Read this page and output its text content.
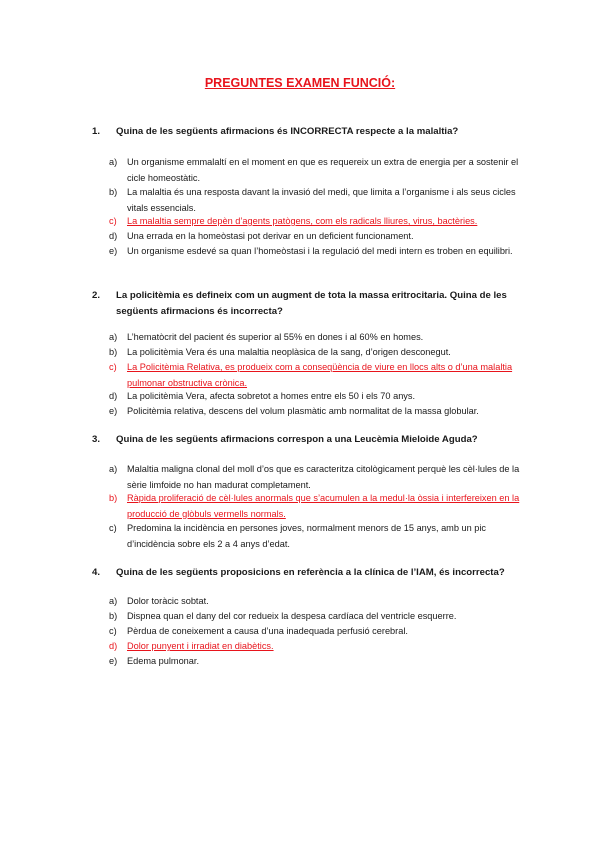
PREGUNTES EXAMEN FUNCIÓ:
1.	Quina de les següents afirmacions és INCORRECTA respecte a la malaltia?
a)	Un organisme emmalaltí en el moment en que es requereix un extra de energia per a sostenir el cicle homeostàtic.
b)	La malaltia és una resposta davant la invasió del medi, que limita a l’organisme i als seus cicles vitals essencials.
c)	La malaltia sempre depèn d’agents patògens, com els radicals lliures, virus, bactèries.
d)	Una errada en la homeòstasi pot derivar en un deficient funcionament.
e)	Un organisme esdevé sa quan l’homeòstasi i la regulació del medi intern es troben en equilibri.
2.	La policitèmia es defineix com un augment de tota la massa eritrocitaria. Quina de les següents afirmacions és incorrecta?
a)	L’hematòcrit del pacient és superior al 55% en dones i al 60% en homes.
b)	La policitèmia Vera és una malaltia neoplàsica de la sang, d’origen desconegut.
c)	La Policitèmia Relativa, es produeix com a conseqüència de viure en llocs alts o d’una malaltia pulmonar obstructiva crònica.
d)	La policitèmia Vera, afecta sobretot a homes entre els 50 i els 70 anys.
e)	Policitèmia relativa, descens del volum plasmàtic amb normalitat de la massa globular.
3.	Quina de les següents afirmacions correspon a una Leucèmia Mieloide Aguda?
a)	Malaltia maligna clonal del moll d’os que es caracteritza citològicament perquè les cèl·lules de la sèrie limfoide no han madurat completament.
b)	Ràpida proliferació de cèl·lules anormals que s’acumulen a la medul·la òssia i interfereixen en la producció de glòbuls vermells normals.
c)	Predomina la incidència en persones joves, normalment menors de 15 anys, amb un pic d’incidència sobre els 2 a 4 anys d’edat.
4.	Quina de les següents proposicions en referència a la clínica de l’IAM, és incorrecta?
a)	Dolor toràcic sobtat.
b)	Dispnea quan el dany del cor redueix la despesa cardíaca del ventricle esquerre.
c)	Pèrdua de coneixement a causa d’una inadequada perfusió cerebral.
d)	Dolor punyent i irradiat en diabètics.
e)	Edema pulmonar.
